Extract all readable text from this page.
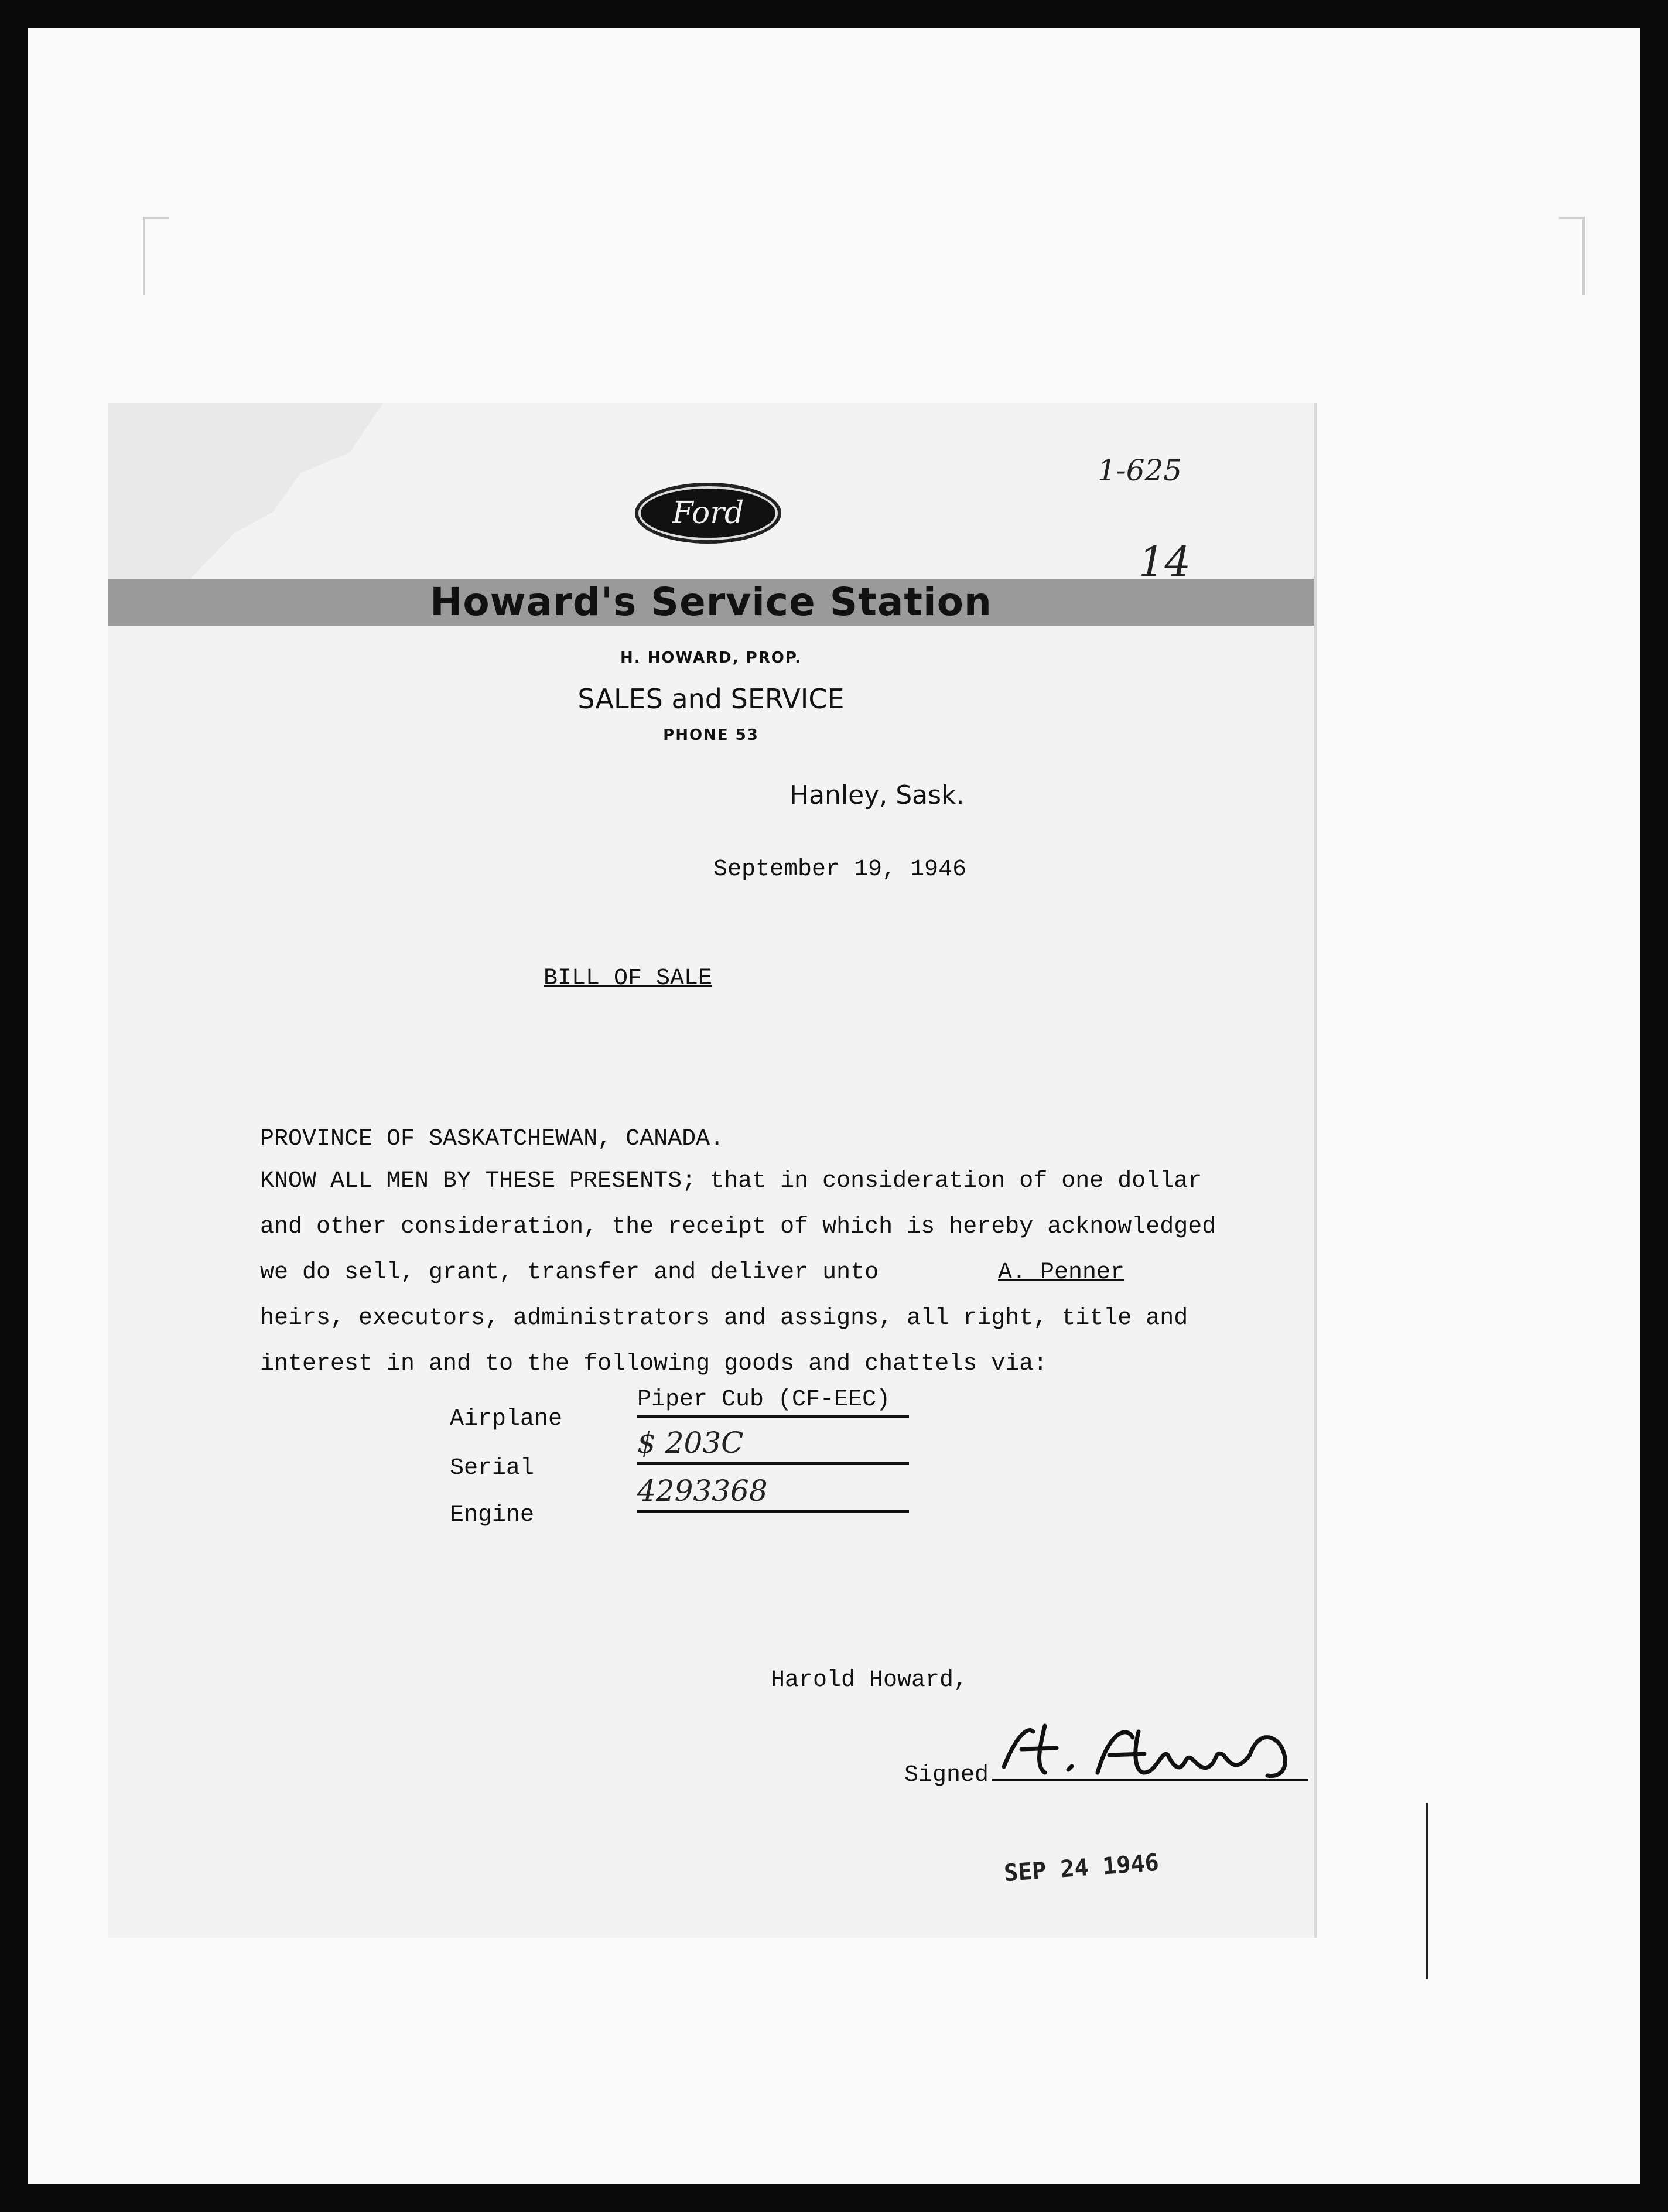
Ford
Howard's Service Station
H. HOWARD, PROP.
SALES and SERVICE
PHONE 53
Hanley, Sask.
1-625
14
September 19, 1946
BILL OF SALE
PROVINCE OF SASKATCHEWAN, CANADA.
KNOW ALL MEN BY THESE PRESENTS; that in consideration of one dollar
and other consideration, the receipt of which is hereby acknowledged
we do sell, grant, transfer and deliver unto	A. Penner
heirs, executors, administrators and assigns, all right, title and
interest in and to the following goods and chattels via:
Airplane
Piper Cub (CF-EEC)
Serial
$ 203C
Engine
4293368
Harold Howard,
Signed
SEP 24 1946
